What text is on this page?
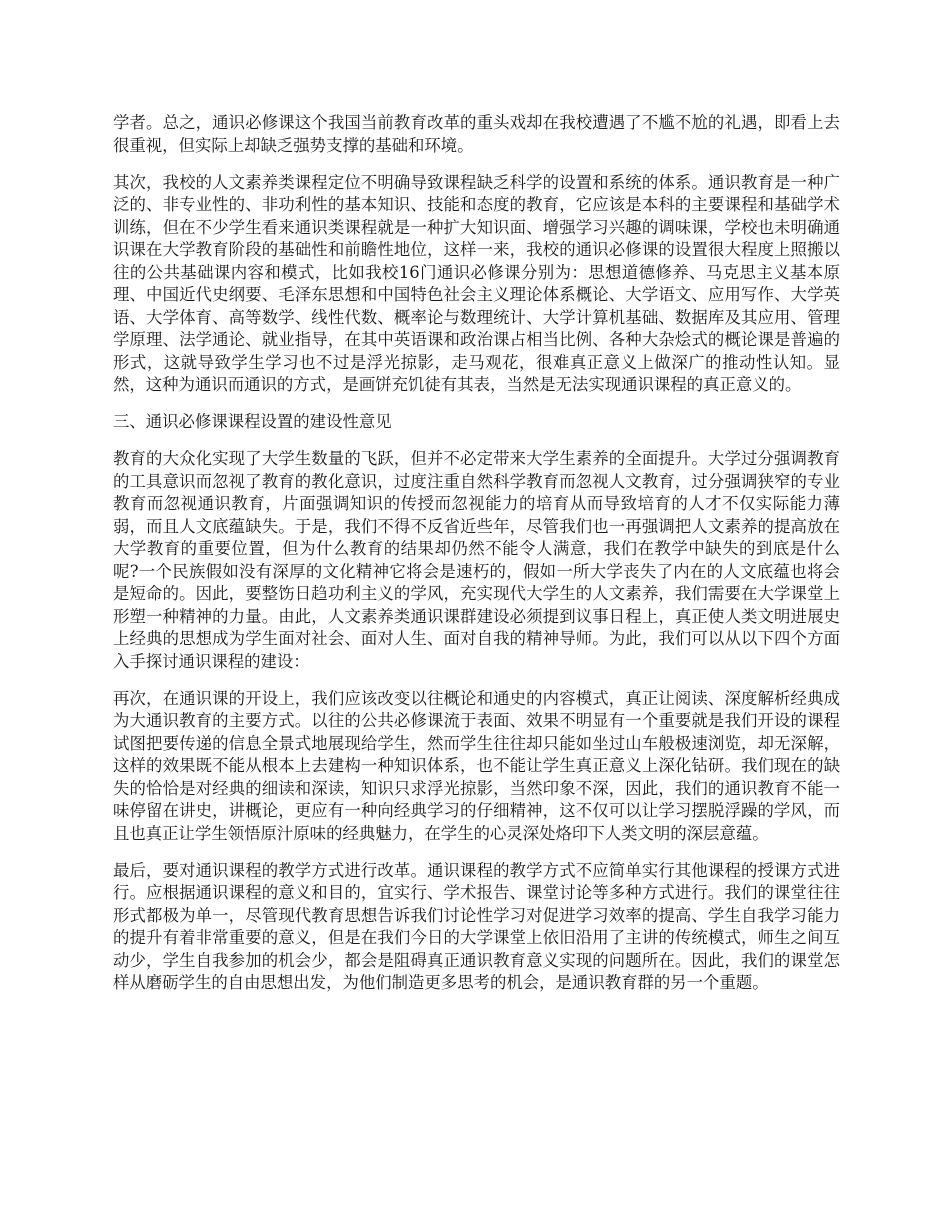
学者。总之，通识必修课这个我国当前教育改革的重头戏却在我校遭遇了不尴不尬的礼遇，即看上去很重视，但实际上却缺乏强势支撑的基础和环境。

其次，我校的人文素养类课程定位不明确导致课程缺乏科学的设置和系统的体系。通识教育是一种广泛的、非专业性的、非功利性的基本知识、技能和态度的教育，它应该是本科的主要课程和基础学术训练，但在不少学生看来通识类课程就是一种扩大知识面、增强学习兴趣的调味课，学校也未明确通识课在大学教育阶段的基础性和前瞻性地位，这样一来，我校的通识必修课的设置很大程度上照搬以往的公共基础课内容和模式，比如我校16门通识必修课分别为：思想道德修养、马克思主义基本原理、中国近代史纲要、毛泽东思想和中国特色社会主义理论体系概论、大学语文、应用写作、大学英语、大学体育、高等数学、线性代数、概率论与数理统计、大学计算机基础、数据库及其应用、管理学原理、法学通论、就业指导，在其中英语课和政治课占相当比例、各种大杂烩式的概论课是普遍的形式，这就导致学生学习也不过是浮光掠影，走马观花，很难真正意义上做深广的推动性认知。显然，这种为通识而通识的方式，是画饼充饥徒有其表，当然是无法实现通识课程的真正意义的。

三、通识必修课课程设置的建设性意见

教育的大众化实现了大学生数量的飞跃，但并不必定带来大学生素养的全面提升。大学过分强调教育的工具意识而忽视了教育的教化意识，过度注重自然科学教育而忽视人文教育，过分强调狭窄的专业教育而忽视通识教育，片面强调知识的传授而忽视能力的培育从而导致培育的人才不仅实际能力薄弱，而且人文底蕴缺失。于是，我们不得不反省近些年，尽管我们也一再强调把人文素养的提高放在大学教育的重要位置，但为什么教育的结果却仍然不能令人满意，我们在教学中缺失的到底是什么呢?一个民族假如没有深厚的文化精神它将会是速朽的，假如一所大学丧失了内在的人文底蕴也将会是短命的。因此，要整饬日趋功利主义的学风，充实现代大学生的人文素养，我们需要在大学课堂上形塑一种精神的力量。由此，人文素养类通识课群建设必须提到议事日程上，真正使人类文明进展史上经典的思想成为学生面对社会、面对人生、面对自我的精神导师。为此，我们可以从以下四个方面入手探讨通识课程的建设：

再次，在通识课的开设上，我们应该改变以往概论和通史的内容模式，真正让阅读、深度解析经典成为大通识教育的主要方式。以往的公共必修课流于表面、效果不明显有一个重要就是我们开设的课程试图把要传递的信息全景式地展现给学生，然而学生往往却只能如坐过山车般极速浏览，却无深解，这样的效果既不能从根本上去建构一种知识体系，也不能让学生真正意义上深化钻研。我们现在的缺失的恰恰是对经典的细读和深读，知识只求浮光掠影，当然印象不深，因此，我们的通识教育不能一味停留在讲史，讲概论，更应有一种向经典学习的仔细精神，这不仅可以让学习摆脱浮躁的学风，而且也真正让学生领悟原汁原味的经典魅力，在学生的心灵深处烙印下人类文明的深层意蕴。

最后，要对通识课程的教学方式进行改革。通识课程的教学方式不应简单实行其他课程的授课方式进行。应根据通识课程的意义和目的，宜实行、学术报告、课堂讨论等多种方式进行。我们的课堂往往形式都极为单一，尽管现代教育思想告诉我们讨论性学习对促进学习效率的提高、学生自我学习能力的提升有着非常重要的意义，但是在我们今日的大学课堂上依旧沿用了主讲的传统模式，师生之间互动少，学生自我参加的机会少，都会是阻碍真正通识教育意义实现的问题所在。因此，我们的课堂怎样从磨砺学生的自由思想出发，为他们制造更多思考的机会，是通识教育群的另一个重题。
